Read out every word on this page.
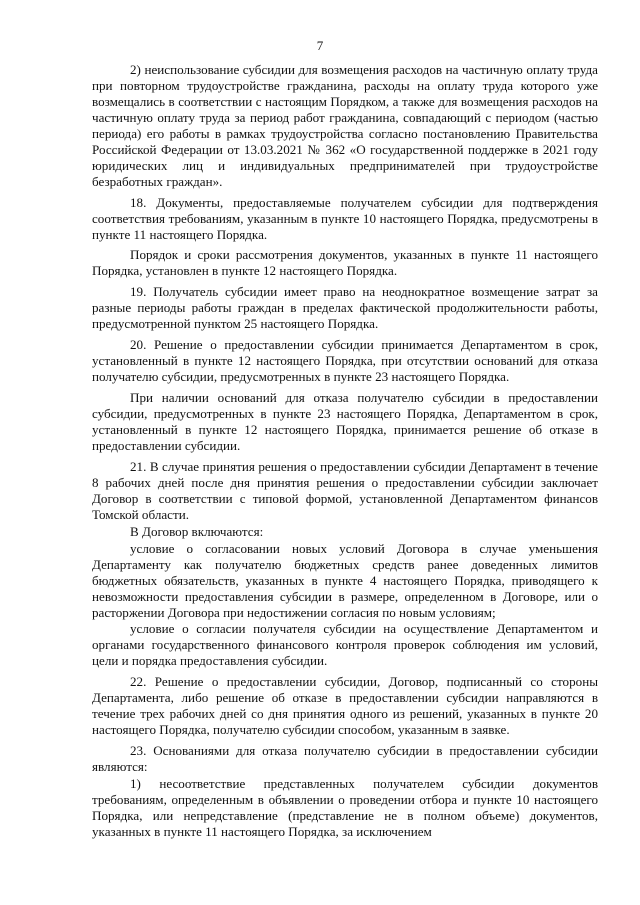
7

2) неиспользование субсидии для возмещения расходов на частичную оплату труда при повторном трудоустройстве гражданина, расходы на оплату труда которого уже возмещались в соответствии с настоящим Порядком, а также для возмещения расходов на частичную оплату труда за период работ гражданина, совпадающий с периодом (частью периода) его работы в рамках трудоустройства согласно постановлению Правительства Российской Федерации от 13.03.2021 № 362 «О государственной поддержке в 2021 году юридических лиц и индивидуальных предпринимателей при трудоустройстве безработных граждан».

18. Документы, предоставляемые получателем субсидии для подтверждения соответствия требованиям, указанным в пункте 10 настоящего Порядка, предусмотрены в пункте 11 настоящего Порядка.

Порядок и сроки рассмотрения документов, указанных в пункте 11 настоящего Порядка, установлен в пункте 12 настоящего Порядка.

19. Получатель субсидии имеет право на неоднократное возмещение затрат за разные периоды работы граждан в пределах фактической продолжительности работы, предусмотренной пунктом 25 настоящего Порядка.

20. Решение о предоставлении субсидии принимается Департаментом в срок, установленный в пункте 12 настоящего Порядка, при отсутствии оснований для отказа получателю субсидии, предусмотренных в пункте 23 настоящего Порядка.

При наличии оснований для отказа получателю субсидии в предоставлении субсидии, предусмотренных в пункте 23 настоящего Порядка, Департаментом в срок, установленный в пункте 12 настоящего Порядка, принимается решение об отказе в предоставлении субсидии.

21. В случае принятия решения о предоставлении субсидии Департамент в течение 8 рабочих дней после дня принятия решения о предоставлении субсидии заключает Договор в соответствии с типовой формой, установленной Департаментом финансов Томской области.

В Договор включаются:

условие о согласовании новых условий Договора в случае уменьшения Департаменту как получателю бюджетных средств ранее доведенных лимитов бюджетных обязательств, указанных в пункте 4 настоящего Порядка, приводящего к невозможности предоставления субсидии в размере, определенном в Договоре, или о расторжении Договора при недостижении согласия по новым условиям;

условие о согласии получателя субсидии на осуществление Департаментом и органами государственного финансового контроля проверок соблюдения им условий, цели и порядка предоставления субсидии.

22. Решение о предоставлении субсидии, Договор, подписанный со стороны Департамента, либо решение об отказе в предоставлении субсидии направляются в течение трех рабочих дней со дня принятия одного из решений, указанных в пункте 20 настоящего Порядка, получателю субсидии способом, указанным в заявке.

23. Основаниями для отказа получателю субсидии в предоставлении субсидии являются:

1) несоответствие представленных получателем субсидии документов требованиям, определенным в объявлении о проведении отбора и пункте 10 настоящего Порядка, или непредставление (представление не в полном объеме) документов, указанных в пункте 11 настоящего Порядка, за исключением
